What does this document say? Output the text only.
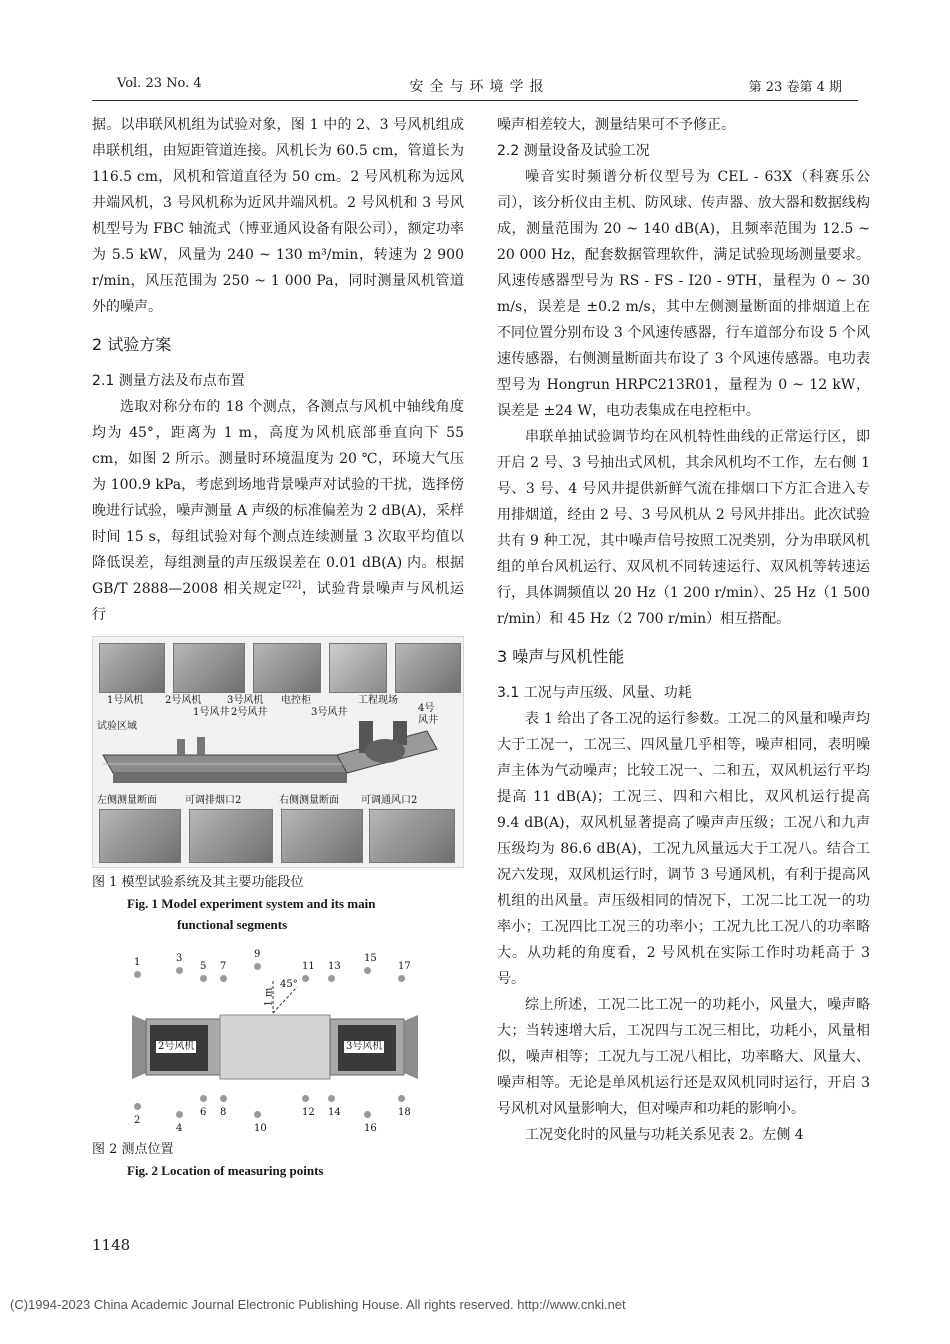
Vol. 23 No. 4	安全与环境学报	第 23 卷第 4 期

据。以串联风机组为试验对象，图 1 中的 2、3 号风机组成串联机组，由短距管道连接。风机长为 60.5 cm，管道长为 116.5 cm，风机和管道直径为 50 cm。2 号风机称为远风井端风机，3 号风机称为近风井端风机。2 号风机和 3 号风机型号为 FBC 轴流式（博亚通风设备有限公司），额定功率为 5.5 kW，风量为 240 ~ 130 m³/min，转速为 2 900 r/min，风压范围为 250 ~ 1 000 Pa，同时测量风机管道外的噪声。

2 试验方案
2.1 测量方法及布点布置

选取对称分布的 18 个测点，各测点与风机中轴线角度均为 45°，距离为 1 m，高度为风机底部垂直向下 55 cm，如图 2 所示。测量时环境温度为 20 ℃，环境大气压为 100.9 kPa，考虑到场地背景噪声对试验的干扰，选择傍晚进行试验，噪声测量 A 声级的标准偏差为 2 dB(A)，采样时间 15 s，每组试验对每个测点连续测量 3 次取平均值以降低误差，每组测量的声压级误差在 0.01 dB(A) 内。根据 GB/T 2888—2008 相关规定[22]，试验背景噪声与风机运行

1号风机 2号风机	3号风机 电控柜	工程现场
1号风井 2号风井	3号风井	4号风井
试验区域
左侧测量断面	可调排烟口2	右侧测量断面 可调通风口2

图 1 模型试验系统及其主要功能段位

Fig. 1 Model experiment system and its main

functional segments

2号风机	3号风机
1 m
45°
1	3
5 7
9
11 13
15
17
2
4
6 8
10
12 14
16
18

图 2 测点位置

Fig. 2 Location of measuring points

噪声相差较大，测量结果可不予修正。

2.2 测量设备及试验工况

噪音实时频谱分析仪型号为 CEL - 63X（科赛乐公司），该分析仪由主机、防风球、传声器、放大器和数据线构成，测量范围为 20 ~ 140 dB(A)，且频率范围为 12.5 ~ 20 000 Hz，配套数据管理软件，满足试验现场测量要求。风速传感器型号为 RS - FS - I20 - 9TH，量程为 0 ~ 30 m/s，误差是 ±0.2 m/s，其中左侧测量断面的排烟道上在不同位置分别布设 3 个风速传感器，行车道部分布设 5 个风速传感器，右侧测量断面共布设了 3 个风速传感器。电功表型号为 Hongrun HRPC213R01，量程为 0 ~ 12 kW，误差是 ±24 W，电功表集成在电控柜中。

串联单抽试验调节均在风机特性曲线的正常运行区，即开启 2 号、3 号抽出式风机，其余风机均不工作，左右侧 1 号、3 号、4 号风井提供新鲜气流在排烟口下方汇合进入专用排烟道，经由 2 号、3 号风机从 2 号风井排出。此次试验共有 9 种工况，其中噪声信号按照工况类别，分为串联风机组的单台风机运行、双风机不同转速运行、双风机等转速运行，具体调频值以 20 Hz（1 200 r/min）、25 Hz（1 500 r/min）和 45 Hz（2 700 r/min）相互搭配。

3 噪声与风机性能
3.1 工况与声压级、风量、功耗

表 1 给出了各工况的运行参数。工况二的风量和噪声均大于工况一，工况三、四风量几乎相等，噪声相同，表明噪声主体为气动噪声；比较工况一、二和五，双风机运行平均提高 11 dB(A)；工况三、四和六相比，双风机运行提高 9.4 dB(A)，双风机显著提高了噪声声压级；工况八和九声压级均为 86.6 dB(A)，工况九风量远大于工况八。结合工况六发现，双风机运行时，调节 3 号通风机，有利于提高风机组的出风量。声压级相同的情况下，工况二比工况一的功率小；工况四比工况三的功率小；工况九比工况八的功率略大。从功耗的角度看，2 号风机在实际工作时功耗高于 3 号。

综上所述，工况二比工况一的功耗小，风量大，噪声略大；当转速增大后，工况四与工况三相比，功耗小，风量相似，噪声相等；工况九与工况八相比，功率略大、风量大、噪声相等。无论是单风机运行还是双风机同时运行，开启 3 号风机对风量影响大，但对噪声和功耗的影响小。

工况变化时的风量与功耗关系见表 2。左侧 4

1148
(C)1994-2023 China Academic Journal Electronic Publishing House. All rights reserved. http://www.cnki.net
